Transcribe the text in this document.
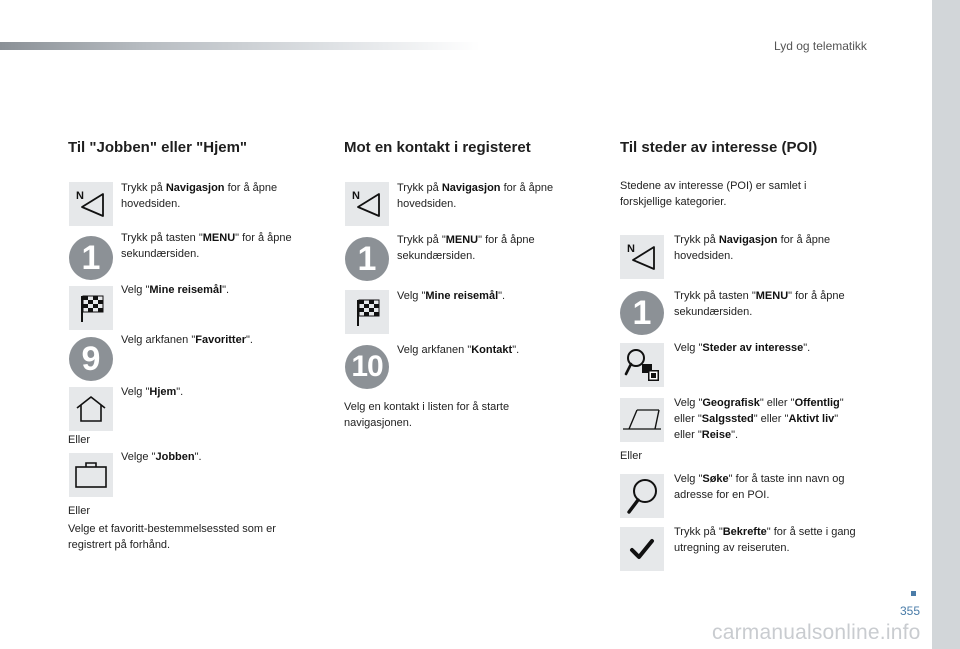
Lyd og telematikk
Til "Jobben" eller "Hjem"
N
Trykk på Navigasjon for å åpne
hovedsiden.
1
Trykk på tasten "MENU" for å åpne
sekundærsiden.
Velg "Mine reisemål".
9	Velg arkfanen "Favoritter".
Velg "Hjem".
Eller
Velge "Jobben".
Eller
Velge et favoritt-bestemmelsessted som er
registrert på forhånd.
Mot en kontakt i registeret
N
Trykk på Navigasjon for å åpne
hovedsiden.
1	Trykk på "MENU" for å åpne
sekundærsiden.
Velg "Mine reisemål".
10	Velg arkfanen "Kontakt".
Velg en kontakt i listen for å starte
navigasjonen.
Til steder av interesse (POI)
Stedene av interesse (POI) er samlet i
forskjellige kategorier.
N
Trykk på Navigasjon for å åpne
hovedsiden.
1	Trykk på tasten "MENU" for å åpne
sekundærsiden.
Velg "Steder av interesse".
Velg "Geografisk" eller "Offentlig"
eller "Salgssted" eller "Aktivt liv"
eller "Reise".
Eller
Velg "Søke" for å taste inn navn og
adresse for en POI.
Trykk på "Bekrefte" for å sette i gang
utregning av reiseruten.
355
carmanualsonline.info
